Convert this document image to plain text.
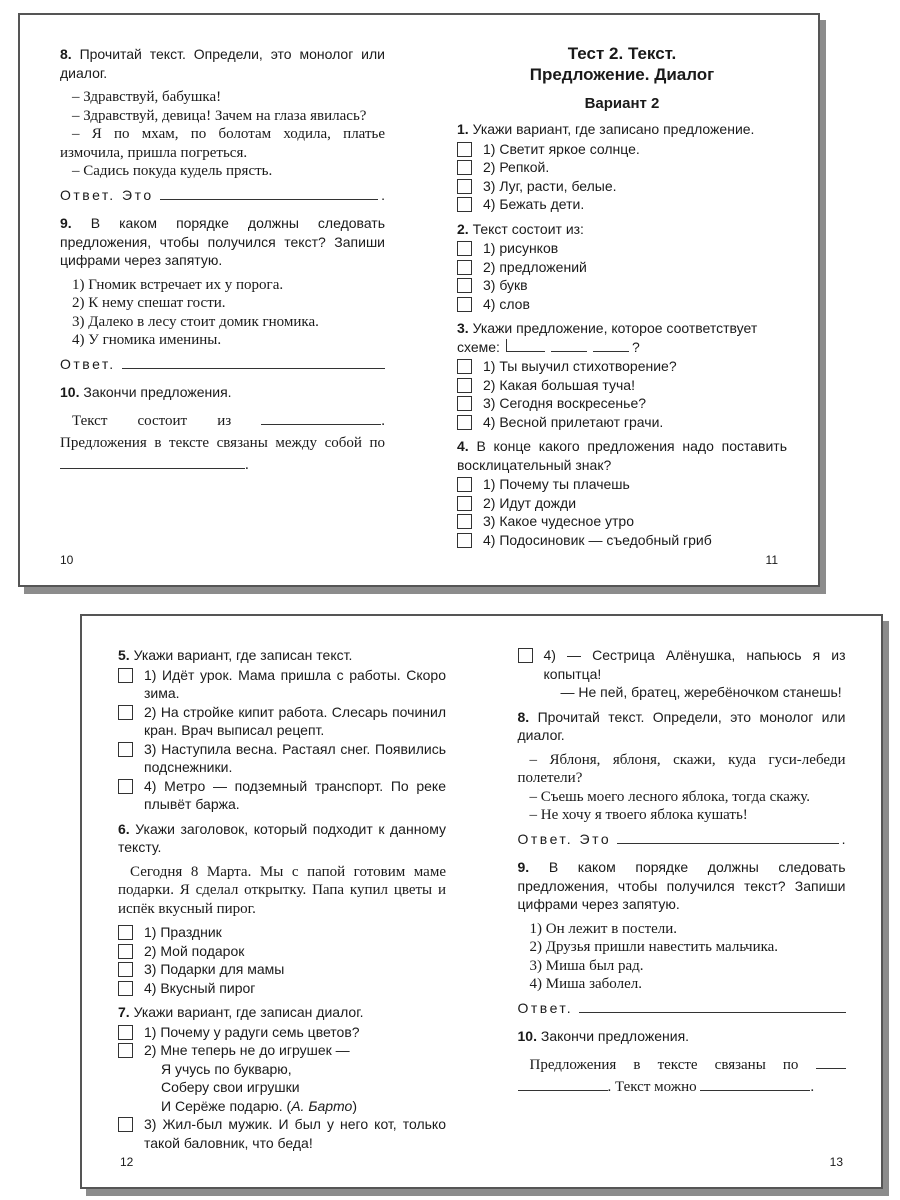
8. Прочитай текст. Определи, это монолог или диалог.

– Здравствуй, бабушка!

– Здравствуй, девица! Зачем на глаза явилась?

– Я по мхам, по болотам ходила, платье измочила, пришла погреться.

– Садись покуда кудель прясть.

Ответ. Это	.

9. В каком порядке должны следовать предложения, чтобы получился текст? Запиши цифрами через запятую.

1) Гномик встречает их у порога.

2) К нему спешат гости.

3) Далеко в лесу стоит домик гномика.

4) У гномика именины.

Ответ.

10. Закончи предложения.

Текст состоит из	. Предложения в тексте связаны между собой по .

10

Тест 2. Текст.

Предложение. Диалог

Вариант 2

1. Укажи вариант, где записано предложение.

1) Светит яркое солнце.

2) Репкой.

3) Луг, расти, белые.

4) Бежать дети.

2. Текст состоит из:

1) рисунков

2) предложений

3) букв

4) слов

3. Укажи предложение, которое соответствует
схеме:	?

1) Ты выучил стихотворение?

2) Какая большая туча!

3) Сегодня воскресенье?

4) Весной прилетают грачи.

4. В конце какого предложения надо поставить восклицательный знак?

1) Почему ты плачешь

2) Идут дожди

3) Какое чудесное утро

4) Подосиновик — съедобный гриб

11

5. Укажи вариант, где записан текст.

1) Идёт урок. Мама пришла с работы. Скоро зима.

2) На стройке кипит работа. Слесарь починил кран. Врач выписал рецепт.

3) Наступила весна. Растаял снег. Появились подснежники.

4) Метро — подземный транспорт. По реке плывёт баржа.

6. Укажи заголовок, который подходит к данному тексту.

Сегодня 8 Марта. Мы с папой готовим маме подарки. Я сделал открытку. Папа купил цветы и испёк вкусный пирог.

1) Праздник

2) Мой подарок

3) Подарки для мамы

4) Вкусный пирог

7. Укажи вариант, где записан диалог.

1) Почему у радуги семь цветов?

2) Мне теперь не до игрушек —

Я учусь по букварю,

Соберу свои игрушки

И Серёже подарю. (А. Барто)

3) Жил-был мужик. И был у него кот, только такой баловник, что беда!

12

4) — Сестрица Алёнушка, напьюсь я из копытца!

— Не пей, братец, жеребёночком станешь!

8. Прочитай текст. Определи, это монолог или диалог.

– Яблоня, яблоня, скажи, куда гуси-лебеди полетели?

– Съешь моего лесного яблока, тогда скажу.

– Не хочу я твоего яблока кушать!

Ответ. Это	.

9. В каком порядке должны следовать предложения, чтобы получился текст? Запиши цифрами через запятую.

1) Он лежит в постели.

2) Друзья пришли навестить мальчика.

3) Миша был рад.

4) Миша заболел.

Ответ.

10. Закончи предложения.

Предложения в тексте связаны по  . Текст можно	.

13
